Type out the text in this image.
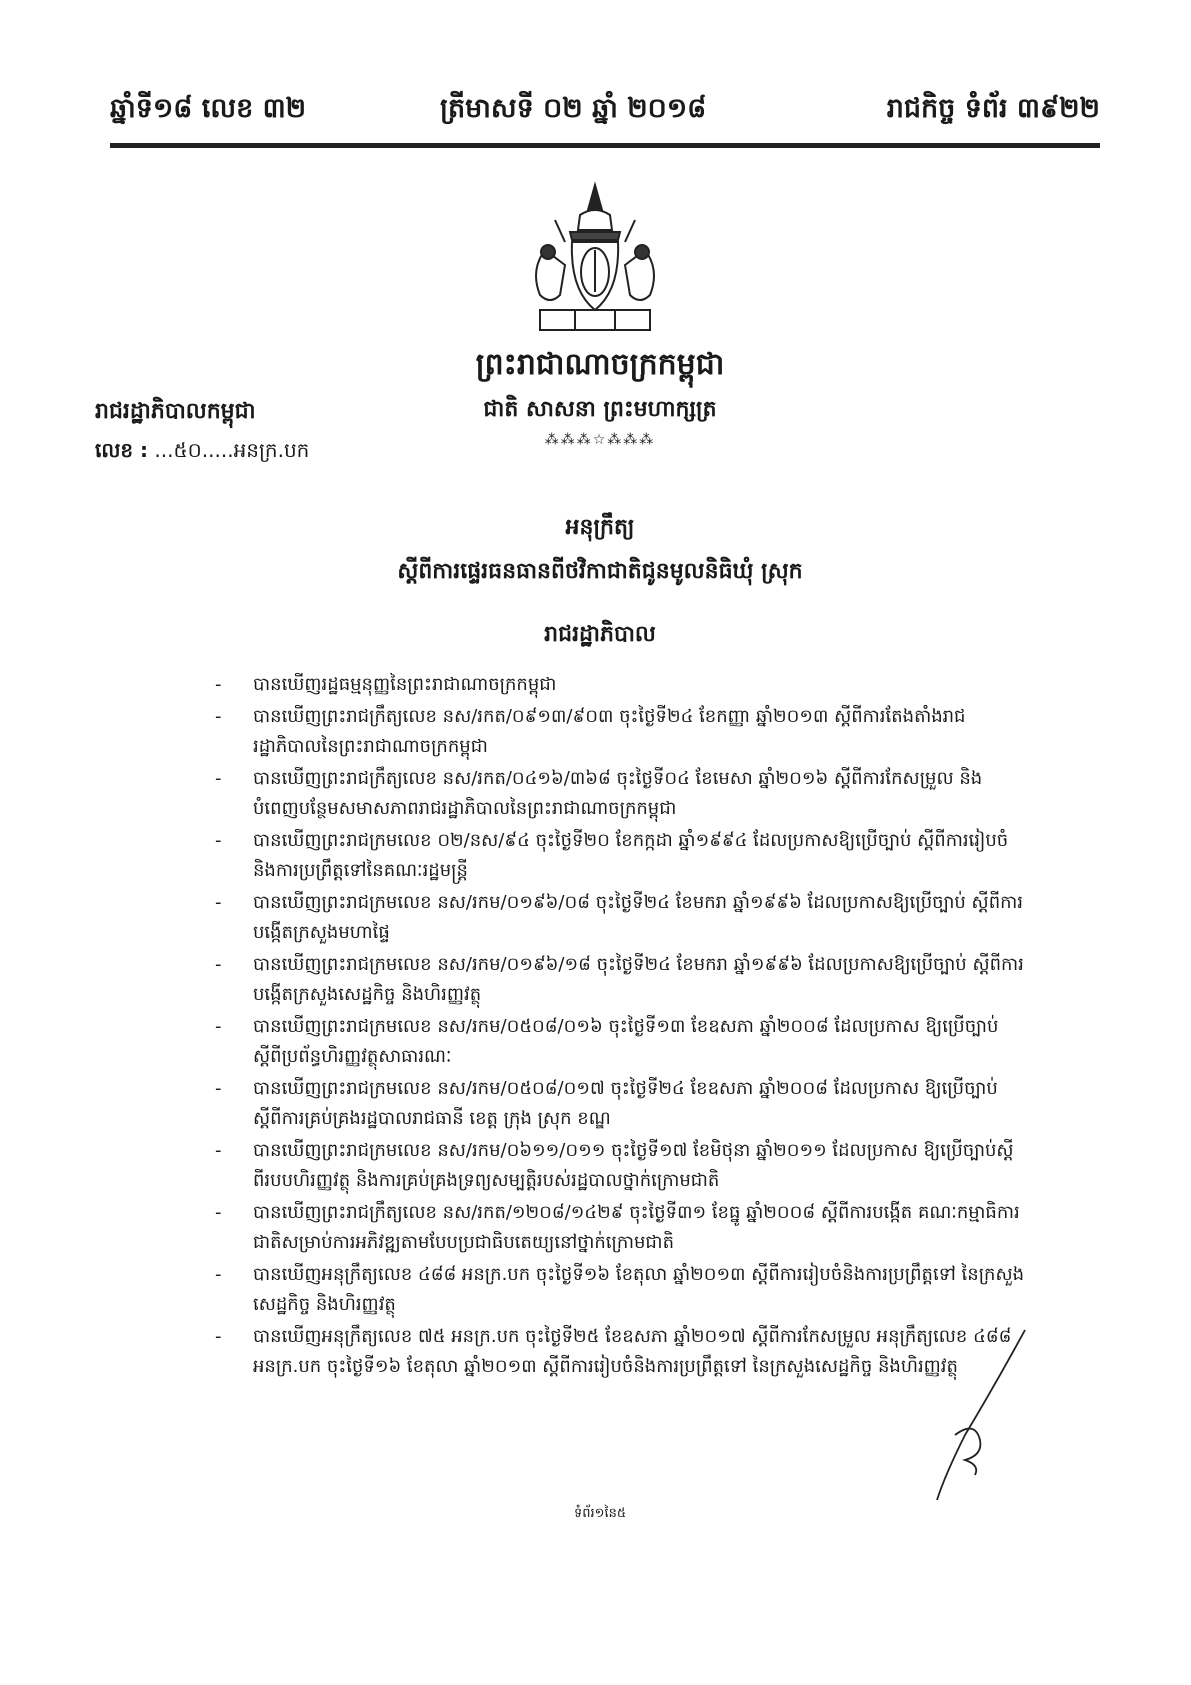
ឆ្នាំទី១៨ លេខ ៣២	ត្រីមាសទី ០២ ឆ្នាំ ២០១៨	រាជកិច្ច ទំព័រ ៣៩២២
ព្រះរាជាណាចក្រកម្ពុជា
ជាតិ សាសនា ព្រះមហាក្សត្រ
⁂⁂⁂☆⁂⁂⁂
រាជរដ្ឋាភិបាលកម្ពុជា
លេខ : ...៥០.....អនក្រ.បក
អនុក្រឹត្យ
ស្តីពីការផ្ទេរធនធានពីថវិកាជាតិជូនមូលនិធិឃុំ ស្រុក
រាជរដ្ឋាភិបាល
- បានឃើញរដ្ឋធម្មនុញ្ញនៃព្រះរាជាណាចក្រកម្ពុជា
- បានឃើញព្រះរាជក្រឹត្យលេខ នស/រកត/០៩១៣/៩០៣ ចុះថ្ងៃទី២៤ ខែកញ្ញា ឆ្នាំ២០១៣ ស្តីពីការតែងតាំងរាជរដ្ឋាភិបាលនៃព្រះរាជាណាចក្រកម្ពុជា
- បានឃើញព្រះរាជក្រឹត្យលេខ នស/រកត/០៤១៦/៣៦៨ ចុះថ្ងៃទី០៤ ខែមេសា ឆ្នាំ២០១៦ ស្តីពីការកែសម្រួល និងបំពេញបន្ថែមសមាសភាពរាជរដ្ឋាភិបាលនៃព្រះរាជាណាចក្រកម្ពុជា
- បានឃើញព្រះរាជក្រមលេខ ០២/នស/៩៤ ចុះថ្ងៃទី២០ ខែកក្កដា ឆ្នាំ១៩៩៤ ដែលប្រកាសឱ្យប្រើច្បាប់ ស្តីពីការរៀបចំ និងការប្រព្រឹត្តទៅនៃគណៈរដ្ឋមន្ត្រី
- បានឃើញព្រះរាជក្រមលេខ នស/រកម/០១៩៦/០៨ ចុះថ្ងៃទី២៤ ខែមករា ឆ្នាំ១៩៩៦ ដែលប្រកាសឱ្យប្រើច្បាប់ ស្តីពីការបង្កើតក្រសួងមហាផ្ទៃ
- បានឃើញព្រះរាជក្រមលេខ នស/រកម/០១៩៦/១៨ ចុះថ្ងៃទី២៤ ខែមករា ឆ្នាំ១៩៩៦ ដែលប្រកាសឱ្យប្រើច្បាប់ ស្តីពីការបង្កើតក្រសួងសេដ្ឋកិច្ច និងហិរញ្ញវត្ថុ
- បានឃើញព្រះរាជក្រមលេខ នស/រកម/០៥០៨/០១៦ ចុះថ្ងៃទី១៣ ខែឧសភា ឆ្នាំ២០០៨ ដែលប្រកាស ឱ្យប្រើច្បាប់ស្តីពីប្រព័ន្ធហិរញ្ញវត្ថុសាធារណៈ
- បានឃើញព្រះរាជក្រមលេខ នស/រកម/០៥០៨/០១៧ ចុះថ្ងៃទី២៤ ខែឧសភា ឆ្នាំ២០០៨ ដែលប្រកាស ឱ្យប្រើច្បាប់ស្តីពីការគ្រប់គ្រងរដ្ឋបាលរាជធានី ខេត្ត ក្រុង ស្រុក ខណ្ឌ
- បានឃើញព្រះរាជក្រមលេខ នស/រកម/០៦១១/០១១ ចុះថ្ងៃទី១៧ ខែមិថុនា ឆ្នាំ២០១១ ដែលប្រកាស ឱ្យប្រើច្បាប់ស្តីពីរបបហិរញ្ញវត្ថុ និងការគ្រប់គ្រងទ្រព្យសម្បត្តិរបស់រដ្ឋបាលថ្នាក់ក្រោមជាតិ
- បានឃើញព្រះរាជក្រឹត្យលេខ នស/រកត/១២០៨/១៤២៩ ចុះថ្ងៃទី៣១ ខែធ្នូ ឆ្នាំ២០០៨ ស្តីពីការបង្កើត គណៈកម្មាធិការជាតិសម្រាប់ការអភិវឌ្ឍតាមបែបប្រជាធិបតេយ្យនៅថ្នាក់ក្រោមជាតិ
- បានឃើញអនុក្រឹត្យលេខ ៤៨៨ អនក្រ.បក ចុះថ្ងៃទី១៦ ខែតុលា ឆ្នាំ២០១៣ ស្តីពីការរៀបចំនិងការប្រព្រឹត្តទៅ នៃក្រសួងសេដ្ឋកិច្ច និងហិរញ្ញវត្ថុ
- បានឃើញអនុក្រឹត្យលេខ ៧៥ អនក្រ.បក ចុះថ្ងៃទី២៥ ខែឧសភា ឆ្នាំ២០១៧ ស្តីពីការកែសម្រួល អនុក្រឹត្យលេខ ៤៨៨ អនក្រ.បក ចុះថ្ងៃទី១៦ ខែតុលា ឆ្នាំ២០១៣ ស្តីពីការរៀបចំនិងការប្រព្រឹត្តទៅ នៃក្រសួងសេដ្ឋកិច្ច និងហិរញ្ញវត្ថុ
ទំព័រ១នៃ៥
